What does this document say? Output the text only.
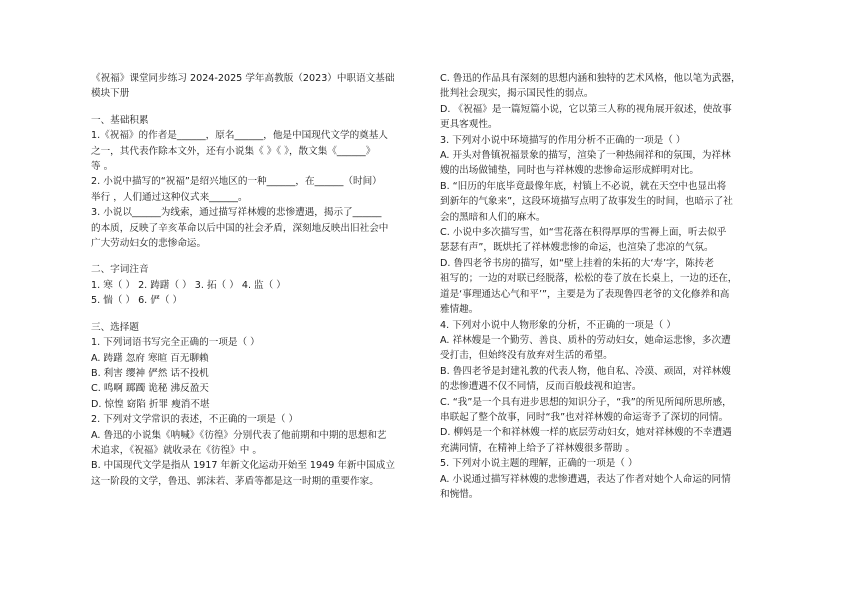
《祝福》课堂同步练习 2024-2025 学年高教版（2023）中职语文基础
模块下册
一、基础积累
1.《祝福》的作者是______，原名______，他是中国现代文学的奠基人
之一，其代表作除本文外，还有小说集《 》《 》，散文集《______》
等 。
2. 小说中描写的“祝福”是绍兴地区的一种______，在______（时间）
举行 ，人们通过这种仪式来______。
3. 小说以______为线索，通过描写祥林嫂的悲惨遭遇，揭示了______
的本质，反映了辛亥革命以后中国的社会矛盾，深刻地反映出旧社会中
广大劳动妇女的悲惨命运。
二、字词注音
1. 寒（ ） 2. 踌躇（ ） 3. 拓（ ） 4. 监（ ）
5. 惴（ ） 6. 俨（ ）
三、选择题
1. 下列词语书写完全正确的一项是（ ）
A. 踌躇 忽府 寒暄 百无聊赖
B. 利害 缨神 俨然 话不投机
C. 鸣啊 踯躅 诡秘 沸反盈天
D. 惊惶 窈陷 折罪 瘦消不堪
2. 下列对文学常识的表述，不正确的一项是（ ）
A. 鲁迅的小说集《呐喊》《彷徨》分别代表了他前期和中期的思想和艺
术追求，《祝福》就收录在《彷徨》中 。
B. 中国现代文学是指从 1917 年新文化运动开始至 1949 年新中国成立
这一阶段的文学，鲁迅、郭沫若、茅盾等都是这一时期的重要作家。
C. 鲁迅的作品具有深刻的思想内涵和独特的艺术风格，他以笔为武器，
批判社会现实，揭示国民性的弱点。
D. 《祝福》是一篇短篇小说，它以第三人称的视角展开叙述，使故事
更具客观性。
3. 下列对小说中环境描写的作用分析不正确的一项是（ ）
A. 开头对鲁镇祝福景象的描写，渲染了一种热闹祥和的氛围，为祥林
嫂的出场做铺垫，同时也与祥林嫂的悲惨命运形成鲜明对比。
B. “旧历的年底毕竟最像年底，村镇上不必说，就在天空中也显出将
到新年的气象来”，这段环境描写点明了故事发生的时间，也暗示了社
会的黑暗和人们的麻木。
C. 小说中多次描写雪，如“雪花落在积得厚厚的雪褥上面，听去似乎
瑟瑟有声”，既烘托了祥林嫂悲惨的命运，也渲染了悲凉的气氛。
D. 鲁四老爷书房的描写，如“壁上挂着的朱拓的大‘寿’字，陈抟老
祖写的；一边的对联已经脱落，松松的卷了放在长桌上，一边的还在，
道是‘事理通达心气和平’”，主要是为了表现鲁四老爷的文化修养和高
雅情趣。
4. 下列对小说中人物形象的分析，不正确的一项是（ ）
A. 祥林嫂是一个勤劳、善良、质朴的劳动妇女，她命运悲惨，多次遭
受打击，但始终没有放弃对生活的希望。
B. 鲁四老爷是封建礼教的代表人物，他自私、冷漠、顽固，对祥林嫂
的悲惨遭遇不仅不同情，反而百般歧视和迫害。
C. “我”是一个具有进步思想的知识分子，“我”的所见所闻所思所感，
串联起了整个故事，同时“我”也对祥林嫂的命运寄予了深切的同情。
D. 柳妈是一个和祥林嫂一样的底层劳动妇女，她对祥林嫂的不幸遭遇
充满同情，在精神上给予了祥林嫂很多帮助 。
5. 下列对小说主题的理解，正确的一项是（ ）
A. 小说通过描写祥林嫂的悲惨遭遇，表达了作者对她个人命运的同情
和惋惜。
